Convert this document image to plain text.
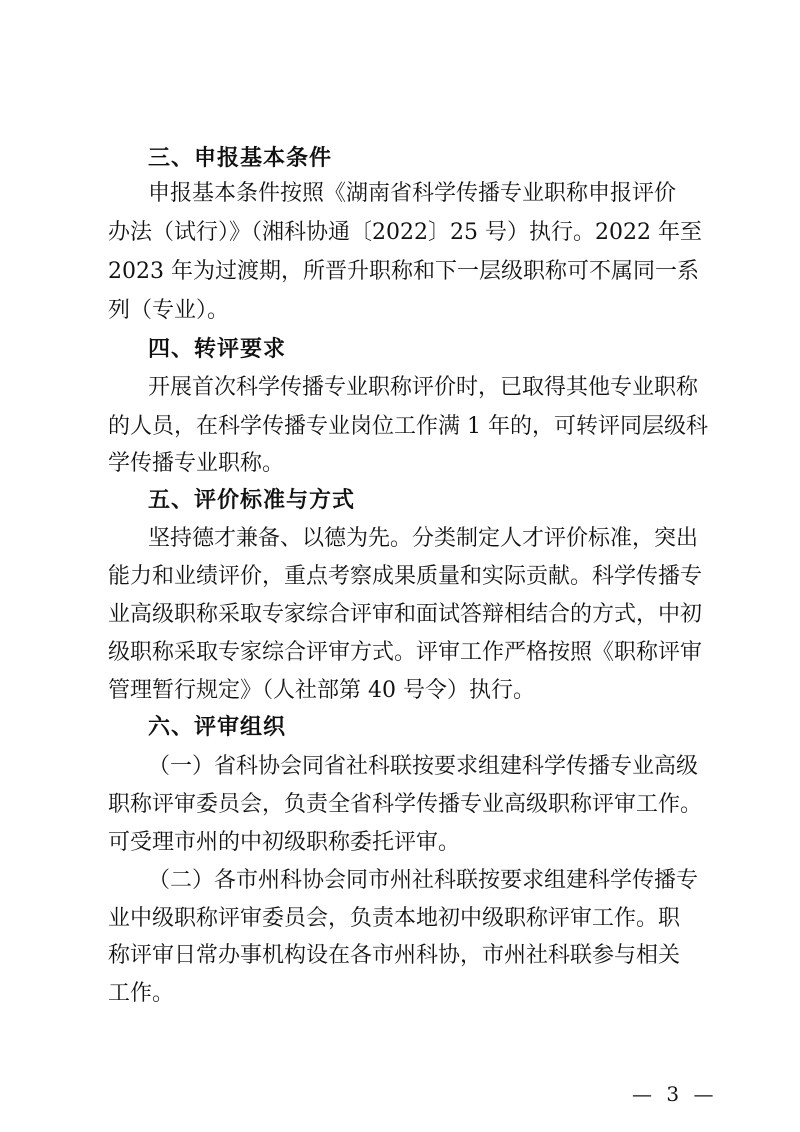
三、申报基本条件
申报基本条件按照《湖南省科学传播专业职称申报评价
办法（试行）》（湘科协通〔2022〕25 号）执行。2022 年至
2023 年为过渡期，所晋升职称和下一层级职称可不属同一系
列（专业）。
四、转评要求
开展首次科学传播专业职称评价时，已取得其他专业职称
的人员，在科学传播专业岗位工作满 1 年的，可转评同层级科
学传播专业职称。
五、评价标准与方式
坚持德才兼备、以德为先。分类制定人才评价标准，突出
能力和业绩评价，重点考察成果质量和实际贡献。科学传播专
业高级职称采取专家综合评审和面试答辩相结合的方式，中初
级职称采取专家综合评审方式。评审工作严格按照《职称评审
管理暂行规定》（人社部第 40 号令）执行。
六、评审组织
（一）省科协会同省社科联按要求组建科学传播专业高级
职称评审委员会，负责全省科学传播专业高级职称评审工作。
可受理市州的中初级职称委托评审。
（二）各市州科协会同市州社科联按要求组建科学传播专
业中级职称评审委员会，负责本地初中级职称评审工作。职
称评审日常办事机构设在各市州科协，市州社科联参与相关
工作。
— 3 —
